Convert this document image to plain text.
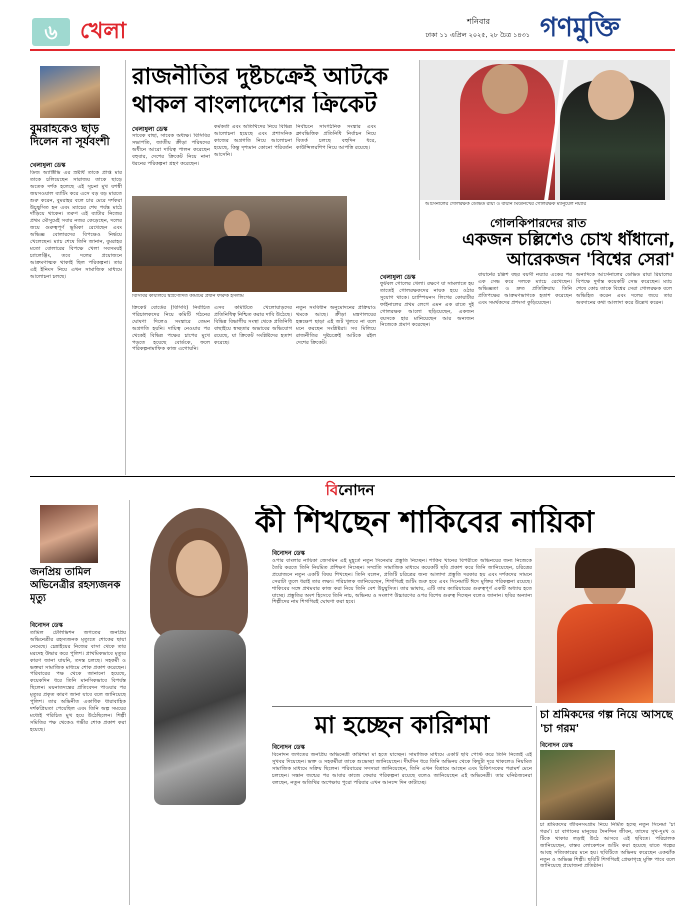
৬	খেলা	শনিবার
ঢাকা ১১ এপ্রিল ২০২৫, ২৮ চৈত্র ১৪৩১ গণমুক্তি
বুমরাহকেও ছাড় দিলেন না সূর্যবংশী
খেলাধুলা ডেস্ক
ডিজ অ্যাক্টিভি এর স্রষ্টার্ধ তাকে প্রাপ্ত মার তাকে চলিয়েছেন সারাজয় তাকে ছাড়ে অতেক দর্শক হলেছে এই সূচনা মুখ যশস্বী জয়সওয়াল ব্যাটিং করে এসে বড় বড় মারতে শুরু করেন, বুমরাহর বলে চার মেরে দর্শকরা উচ্ছ্বসিত হন এবং ম্যাচের শেষ পর্যন্ত মাঠে দাঁড়িয়ে থাকেন। তরুণ এই ব্যাটার নিজের প্রথম মৌসুমেই সবার নজর কেড়েছেন, দলের জয়ে গুরুত্বপূর্ণ ভূমিকা রেখেছেন এবং অভিজ্ঞ বোলারদের বিপক্ষেও নির্ভয়ে খেলেছেন। ম্যাচ শেষে তিনি জানান, বুমরাহর মতো বোলারের বিপক্ষে খেলা সবসময়ই চ্যালেঞ্জিং, তবে দলের প্রয়োজনে আক্রমণাত্মক থাকাই ছিল পরিকল্পনা। তার এই ইনিংস নিয়ে এখন সামাজিক মাধ্যমে আলোচনা চলছে।
রাজনীতির দুষ্টচক্রেই আটকে
থাকল বাংলাদেশের ক্রিকেট
খেলাধুলা ডেস্ক
সাবেক বাছা, সাবেক অধ্যক্ষ। বিসিবির সভাপতি, জাতীয় ক্রীড়া পরিষদের অধীনে আরো দায়িত্ব পালন করেছেন বহুবার, দেশের ক্রিকেট নিয়ে নানা ধরনের পরিকল্পনা গ্রহণ করেছেন।
কর্মকর্তা এবং অতিথিদের নিয়ে বিভিন্ন আলোচনা হয়েছে এবং প্রশাসনিক কাজের অগ্রগতি নিয়ে আলোচনা হয়েছে, কিন্তু দৃশ্যমান কোনো পরিবর্তন আসেনি।
নির্বাচনে সাংগঠনিক সংস্কার এবং ক্লাবভিত্তিক প্রতিনিধি নির্বাচন নিয়ে বিতর্ক চলছে বহুদিন ধরে, কাউন্সিলরশিপ নিয়ে আপত্তি রয়েছে।
বিসিবির কার্যালয়ে স্বপ্রণোদিত কমিটির প্রধান ফারুক ইসলাম
ক্রিকেট বোর্ডের (বিসিবি) নির্বাচিত পরিচালকদের নিয়ে কমিটি গঠনের ঘোষণা দিলেও সংস্কারে তেমন অগ্রগতি হয়নি। দায়িত্ব নেওয়ার পর থেকেই বিভিন্ন পক্ষের চাপের মুখে পড়তে হয়েছে বোর্ডকে, ফলে পরিকল্পনামাফিক কাজ এগোয়নি।
এসব কমিটিতে খেলোয়াড়দের প্রতিনিধিত্ব নিশ্চিত করার দাবি উঠেছে। বিভিন্ন বিভাগীয় সংস্থা থেকে প্রতিনিধি বাছাইয়ে স্বচ্ছতার অভাবের অভিযোগ রয়েছে, যা ক্রিকেট সংশ্লিষ্টদের হতাশ করেছে।
নতুন সংবিধান অনুমোদনের প্রক্রিয়াও থমকে আছে। ক্রীড়া মন্ত্রণালয়ের হস্তক্ষেপ ছাড়া এই জট খুলবে না বলে মনে করছেন সংশ্লিষ্টরা। সব মিলিয়ে রাজনীতির দুষ্টচক্রেই আটকে রইল দেশের ক্রিকেট।
আর্সেনালের গোলরক্ষক ডেভিড রায়া ও বায়ার্ন মিউনিখের গোলরক্ষক ম্যানুয়েল নয়্যার
গোলকিপারদের রাত
একজন চল্লিশেও চোখ ধাঁধানো,
আরেকজন 'বিশ্বের সেরা'
খেলাধুলা ডেস্ক
ফুটবল গোলের খেলা। রক্ষণে যা সামলাতে হয় তাতেই গোলরক্ষকদের নায়ক হয়ে ওঠার সুযোগ থাকে। চ্যাম্পিয়নস লিগের কোয়ার্টার ফাইনালের প্রথম লেগে এমন এক রাতে দুই গোলরক্ষক আলো ছড়িয়েছেন, একজন বয়সকে হার মানিয়েছেন আর অন্যজন নিজেকে প্রমাণ করেছেন।
বায়ার্নের চল্লিশ বছর বয়সী নয়্যার একের পর এক সেভ করে দলকে ম্যাচে রেখেছেন। অভিজ্ঞতা ও দ্রুত প্রতিক্রিয়ায় তিনি প্রতিপক্ষের আক্রমণভাগকে হতাশ করেছেন এবং সমর্থকদের প্রশংসা কুড়িয়েছেন।
অন্যদিকে আর্সেনালের ডেভিড রায়া রিয়ালের বিপক্ষে দুর্দান্ত কয়েকটি সেভ করেছেন। ম্যাচ শেষে কোচ তাকে বিশ্বের সেরা গোলরক্ষক বলে অভিহিত করেন এবং দলের জয়ে তার অবদানের কথা আলাদা করে উল্লেখ করেন।
বিনোদন
জনপ্রিয় তামিল অভিনেত্রীর রহস্যজনক মৃত্যু
বিনোদন ডেস্ক
তামিল টেলিভিশন জগতের জনপ্রিয় অভিনেত্রীর রহস্যজনক মৃত্যুতে শোকের ছায়া নেমেছে। চেন্নাইয়ের নিজের বাসা থেকে তার মরদেহ উদ্ধার করে পুলিশ। প্রাথমিকভাবে মৃত্যুর কারণ জানা যায়নি, তদন্ত চলছে। সহকর্মী ও ভক্তরা সামাজিক মাধ্যমে শোক প্রকাশ করেছেন। পরিবারের পক্ষ থেকে জানানো হয়েছে, কয়েকদিন ধরে তিনি মানসিকভাবে বিপর্যস্ত ছিলেন। ময়নাতদন্তের প্রতিবেদন পাওয়ার পর মৃত্যুর প্রকৃত কারণ জানা যাবে বলে জানিয়েছে পুলিশ। তার অভিনীত একাধিক ধারাবাহিক দর্শকপ্রিয়তা পেয়েছিল এবং তিনি অল্প সময়ের মধ্যেই পরিচিত মুখ হয়ে উঠেছিলেন। শিল্পী সমিতির পক্ষ থেকেও গভীর শোক প্রকাশ করা হয়েছে।
কী শিখছেন শাকিবের নায়িকা
বিনোদন ডেস্ক
ওপার বাংলার নায়িকা জেসমিন এই মুহূর্তে নতুন সিনেমার প্রস্তুতি নিচ্ছেন। শাকিব খানের বিপরীতে অভিনয়ের জন্য নিজেকে তৈরি করতে তিনি নিয়মিত প্রশিক্ষণ নিচ্ছেন। সম্প্রতি সামাজিক মাধ্যমে কয়েকটি ছবি প্রকাশ করে তিনি জানিয়েছেন, চরিত্রের প্রয়োজনে নতুন একটি বিষয় শিখছেন। তিনি বলেন, প্রতিটি চরিত্রের জন্য আলাদা প্রস্তুতি দরকার হয় এবং দর্শকদের সামনে সেরাটা তুলে ধরাই তার লক্ষ্য। পরিচালক জানিয়েছেন, শিগগিরই শুটিং শুরু হবে এবং সিনেমাটি ঈদে মুক্তির পরিকল্পনা রয়েছে। শাকিবের সঙ্গে প্রথমবার কাজ করা নিয়ে তিনি বেশ উচ্ছ্বসিত। তার ভাষায়, এটি তার ক্যারিয়ারের গুরুত্বপূর্ণ একটি অধ্যায় হতে যাচ্ছে। প্রস্তুতির অংশ হিসেবে তিনি নাচ, অভিনয় ও সংলাপ উচ্চারণের ওপর বিশেষ গুরুত্ব দিচ্ছেন বলেও জানান। ছবির অন্যান্য শিল্পীদের নাম শিগগিরই ঘোষণা করা হবে।
মা হচ্ছেন কারিশমা
বিনোদন ডেস্ক
বিনোদন জগতের জনপ্রিয় অভিনেত্রী কারিশমা মা হতে যাচ্ছেন। সামাজিক মাধ্যমে একটি ছবি পোস্ট করে তিনি নিজেই এই সুখবর দিয়েছেন। ভক্ত ও সহকর্মীরা তাকে শুভেচ্ছা জানিয়েছেন। দীর্ঘদিন ধরে তিনি অভিনয় থেকে কিছুটা দূরে থাকলেও নিয়মিত সামাজিক মাধ্যমে সক্রিয় ছিলেন। পরিবারের সদস্যরা জানিয়েছেন, তিনি এখন বিশ্রামে আছেন এবং চিকিৎসকের পরামর্শ মেনে চলছেন। সন্তান জন্মের পর আবার কাজে ফেরার পরিকল্পনা রয়েছে বলেও জানিয়েছেন এই অভিনেত্রী। তার ঘনিষ্ঠজনেরা বলছেন, নতুন অতিথির অপেক্ষায় পুরো পরিবার এখন আনন্দে দিন কাটাচ্ছে।
চা শ্রমিকদের গল্প নিয়ে আসছে 'চা গরম'
বিনোদন ডেস্ক
চা শ্রমিকদের জীবনসংগ্রাম নিয়ে নির্মিত হচ্ছে নতুন সিনেমা 'চা গরম'। চা বাগানের মানুষের দৈনন্দিন জীবন, তাদের সুখ-দুঃখ ও টিকে থাকার লড়াই উঠে আসবে এই ছবিতে। পরিচালক জানিয়েছেন, বাস্তব লোকেশনে শুটিং করা হয়েছে যাতে গল্পের আবহ সত্যিকারের মনে হয়। ছবিটিতে অভিনয় করেছেন একঝাঁক নতুন ও অভিজ্ঞ শিল্পী। ছবিটি শিগগিরই প্রেক্ষাগৃহে মুক্তি পাবে বলে জানিয়েছে প্রযোজনা প্রতিষ্ঠান।
